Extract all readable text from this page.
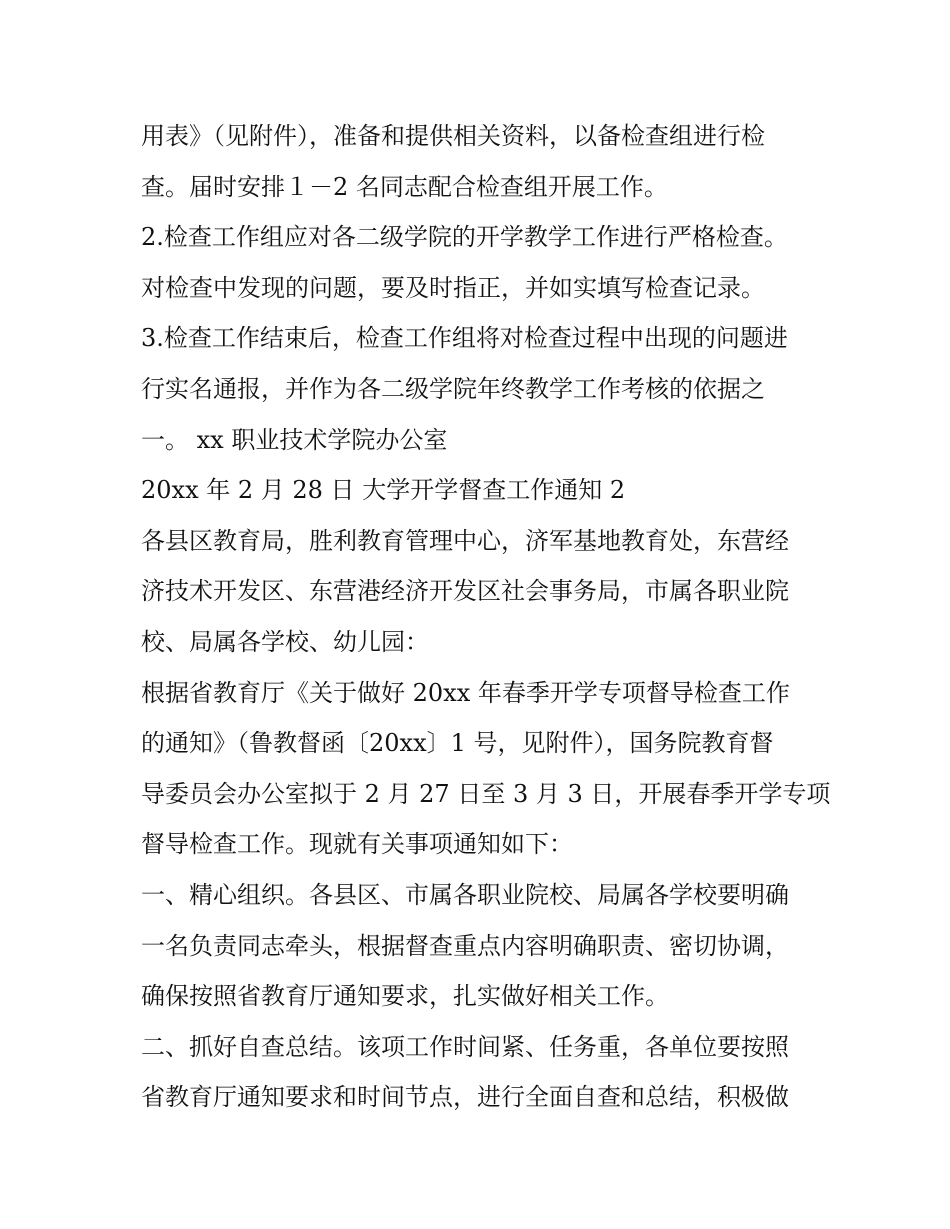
用表》（见附件），准备和提供相关资料，以备检查组进行检
查。届时安排１－2 名同志配合检查组开展工作。
2.检查工作组应对各二级学院的开学教学工作进行严格检查。
对检查中发现的问题，要及时指正，并如实填写检查记录。
3.检查工作结束后，检查工作组将对检查过程中出现的问题进
行实名通报，并作为各二级学院年终教学工作考核的依据之
一。 xx 职业技术学院办公室
20xx 年 2 月 28 日 大学开学督查工作通知 2
各县区教育局，胜利教育管理中心，济军基地教育处，东营经
济技术开发区、东营港经济开发区社会事务局，市属各职业院
校、局属各学校、幼儿园：
根据省教育厅《关于做好 20xx 年春季开学专项督导检查工作
的通知》（鲁教督函〔20xx〕1 号，见附件），国务院教育督
导委员会办公室拟于 2 月 27 日至 3 月 3 日，开展春季开学专项
督导检查工作。现就有关事项通知如下：
一、精心组织。各县区、市属各职业院校、局属各学校要明确
一名负责同志牵头，根据督查重点内容明确职责、密切协调，
确保按照省教育厅通知要求，扎实做好相关工作。
二、抓好自查总结。该项工作时间紧、任务重，各单位要按照
省教育厅通知要求和时间节点，进行全面自查和总结，积极做
